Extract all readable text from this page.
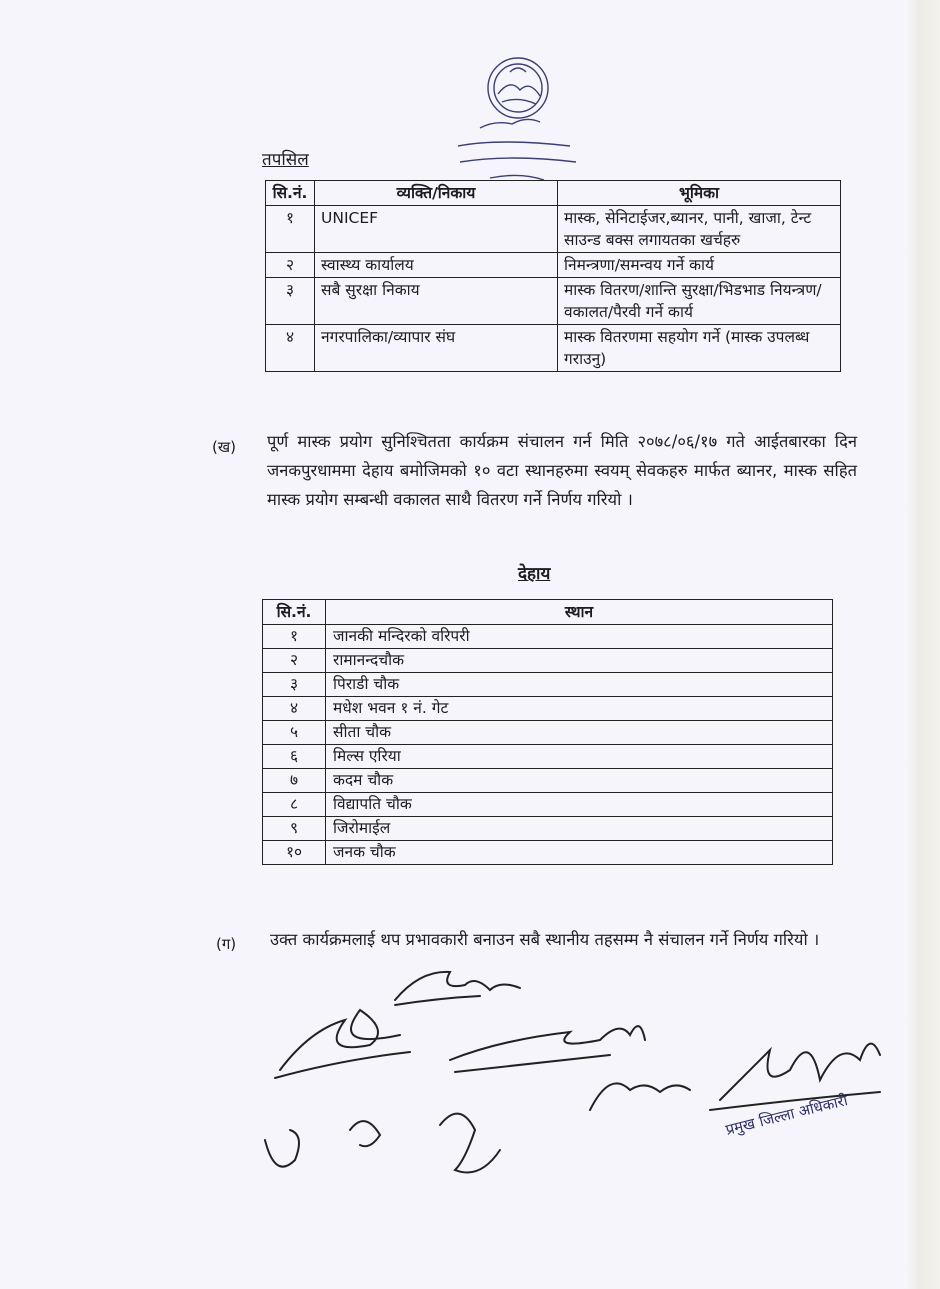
तपसिल
सि.नं.	व्यक्ति/निकाय	भूमिका
१	UNICEF	मास्क, सेनिटाईजर,ब्यानर, पानी, खाजा, टेन्ट साउन्ड बक्स लगायतका खर्चहरु
२	स्वास्थ्य कार्यालय	निमन्त्रणा/समन्वय गर्ने कार्य
३	सबै सुरक्षा निकाय	मास्क वितरण/शान्ति सुरक्षा/भिडभाड नियन्त्रण/वकालत/पैरवी गर्ने कार्य
४	नगरपालिका/व्यापार संघ	मास्क वितरणमा सहयोग गर्ने (मास्क उपलब्ध गराउनु)
(ख) पूर्ण मास्क प्रयोग सुनिश्चितता कार्यक्रम संचालन गर्न मिति २०७८/०६/१७ गते आईतबारका दिन जनकपुरधाममा देहाय बमोजिमको १० वटा स्थानहरुमा स्वयम् सेवकहरु मार्फत ब्यानर, मास्क सहित मास्क प्रयोग सम्बन्धी वकालत साथै वितरण गर्ने निर्णय गरियो ।
देहाय
सि.नं.	स्थान
१	जानकी मन्दिरको वरिपरी
२	रामानन्दचौक
३	पिराडी चौक
४	मधेश भवन १ नं. गेट
५	सीता चौक
६	मिल्स एरिया
७	कदम चौक
८	विद्यापति चौक
९	जिरोमाईल
१०	जनक चौक
(ग) उक्त कार्यक्रमलाई थप प्रभावकारी बनाउन सबै स्थानीय तहसम्म नै संचालन गर्ने निर्णय गरियो ।
प्रमुख जिल्ला अधिकारी
